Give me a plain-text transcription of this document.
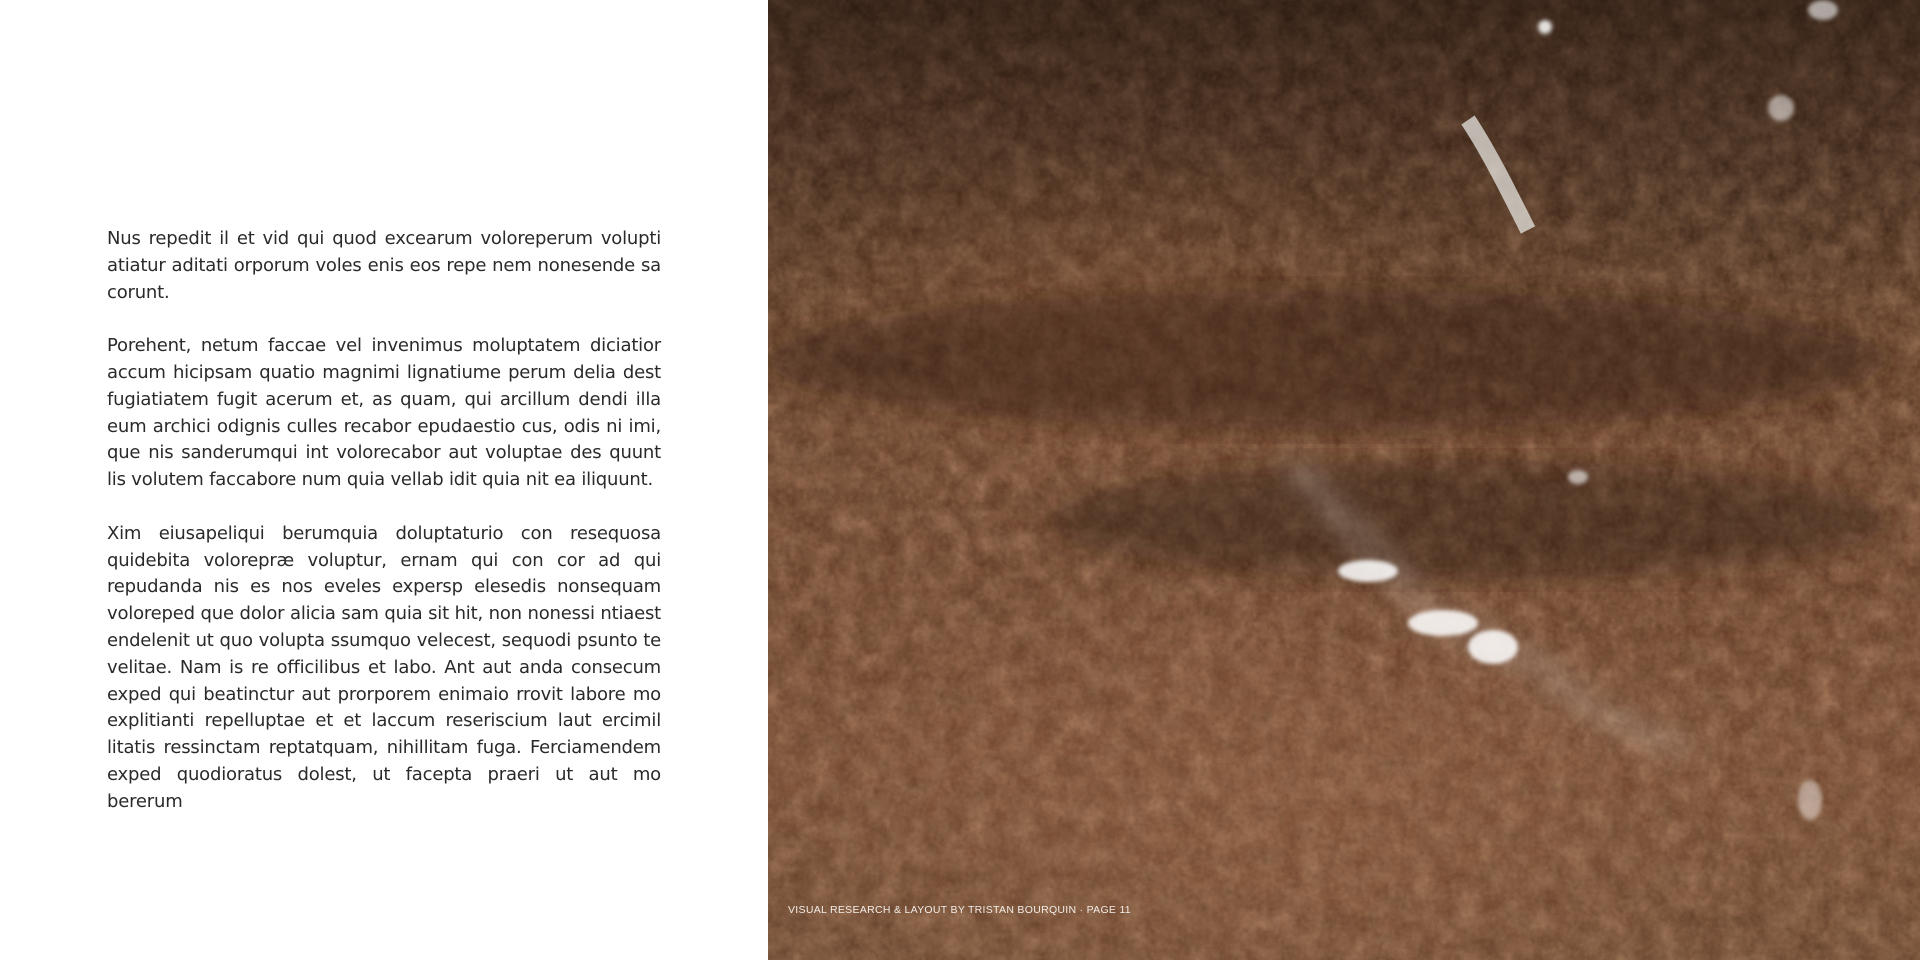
Nus repedit il et vid qui quod excearum voloreperum volupti atiatur aditati orporum voles enis eos repe nem nonesende sa corunt.

Porehent, netum faccae vel invenimus moluptatem diciatior accum hicipsam quatio magnimi lignatiume perum delia dest fugiatiatem fugit acerum et, as quam, qui arcillum dendi illa eum archici odignis culles recabor epudaestio cus, odis ni imi, que nis sanderumqui int volorecabor aut voluptae des quunt lis volutem faccabore num quia vellab idit quia nit ea iliquunt.

Xim eiusapeliqui berumquia doluptaturio con resequosa quidebita volorepræ voluptur, ernam qui con cor ad qui repudanda nis es nos eveles expersp elesedis nonsequam voloreped que dolor alicia sam quia sit hit, non nonessi ntiaest endelenit ut quo volupta ssumquo velecest, sequodi psunto te velitae. Nam is re officilibus et labo. Ant aut anda consecum exped qui beatinctur aut prorporem enimaio rrovit labore mo explitianti repelluptae et et laccum reseriscium laut ercimil litatis ressinctam reptatquam, nihillitam fuga. Ferciamendem exped quodioratus dolest, ut facepta praeri ut aut mo bererum

VISUAL RESEARCH & LAYOUT BY TRISTAN BOURQUIN · PAGE 11
